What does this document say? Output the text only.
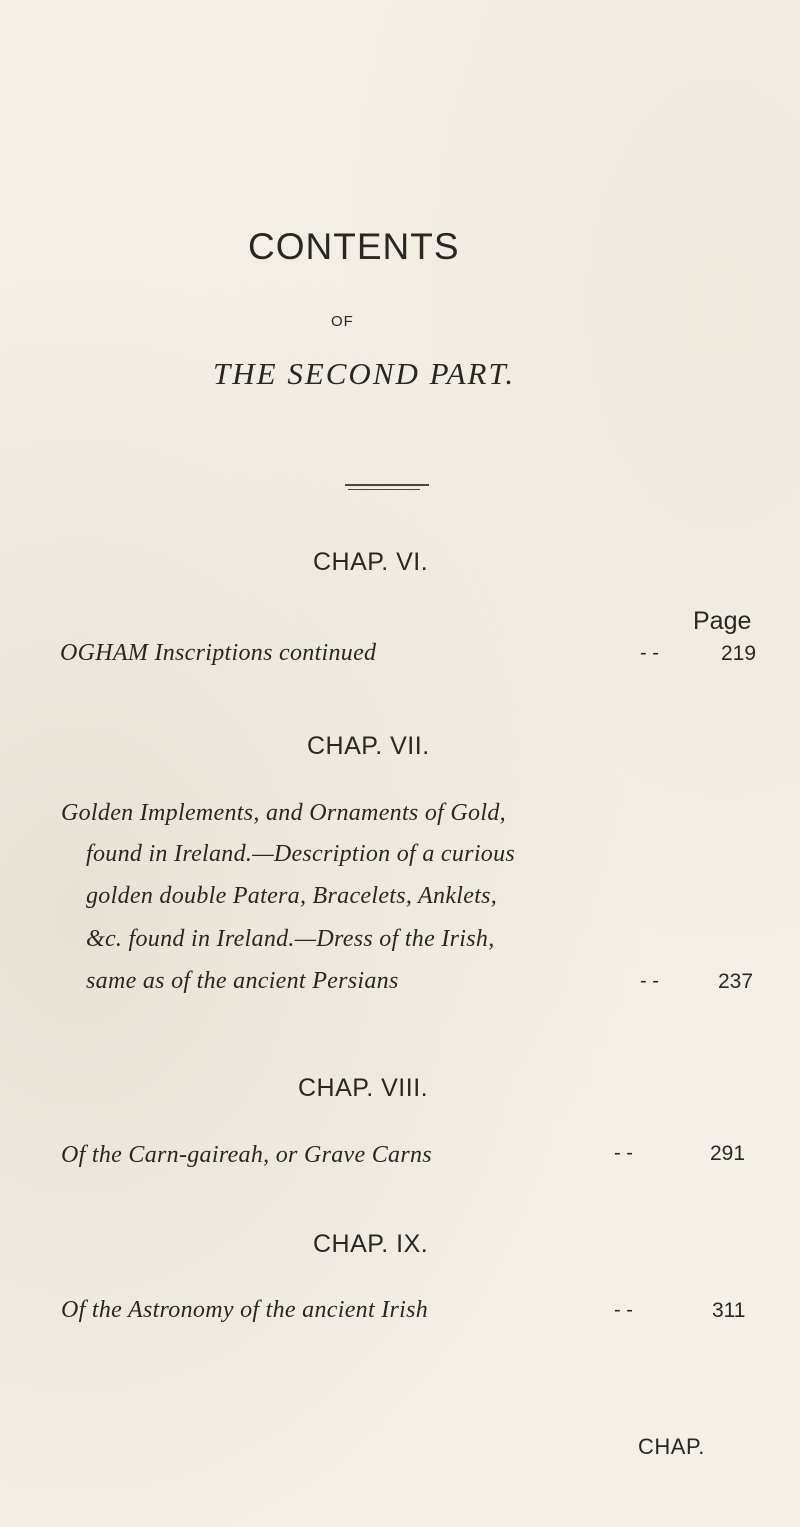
CONTENTS
OF
THE SECOND PART.
CHAP. VI.
Page
OGHAM Inscriptions continued	- -	219
CHAP. VII.
Golden Implements, and Ornaments of Gold,
found in Ireland.—Description of a curious
golden double Patera, Bracelets, Anklets,
&c. found in Ireland.—Dress of the Irish,
same as of the ancient Persians	- -	237
CHAP. VIII.
Of the Carn-gaireah, or Grave Carns	- -	291
CHAP. IX.
Of the Astronomy of the ancient Irish	- -	311
CHAP.
